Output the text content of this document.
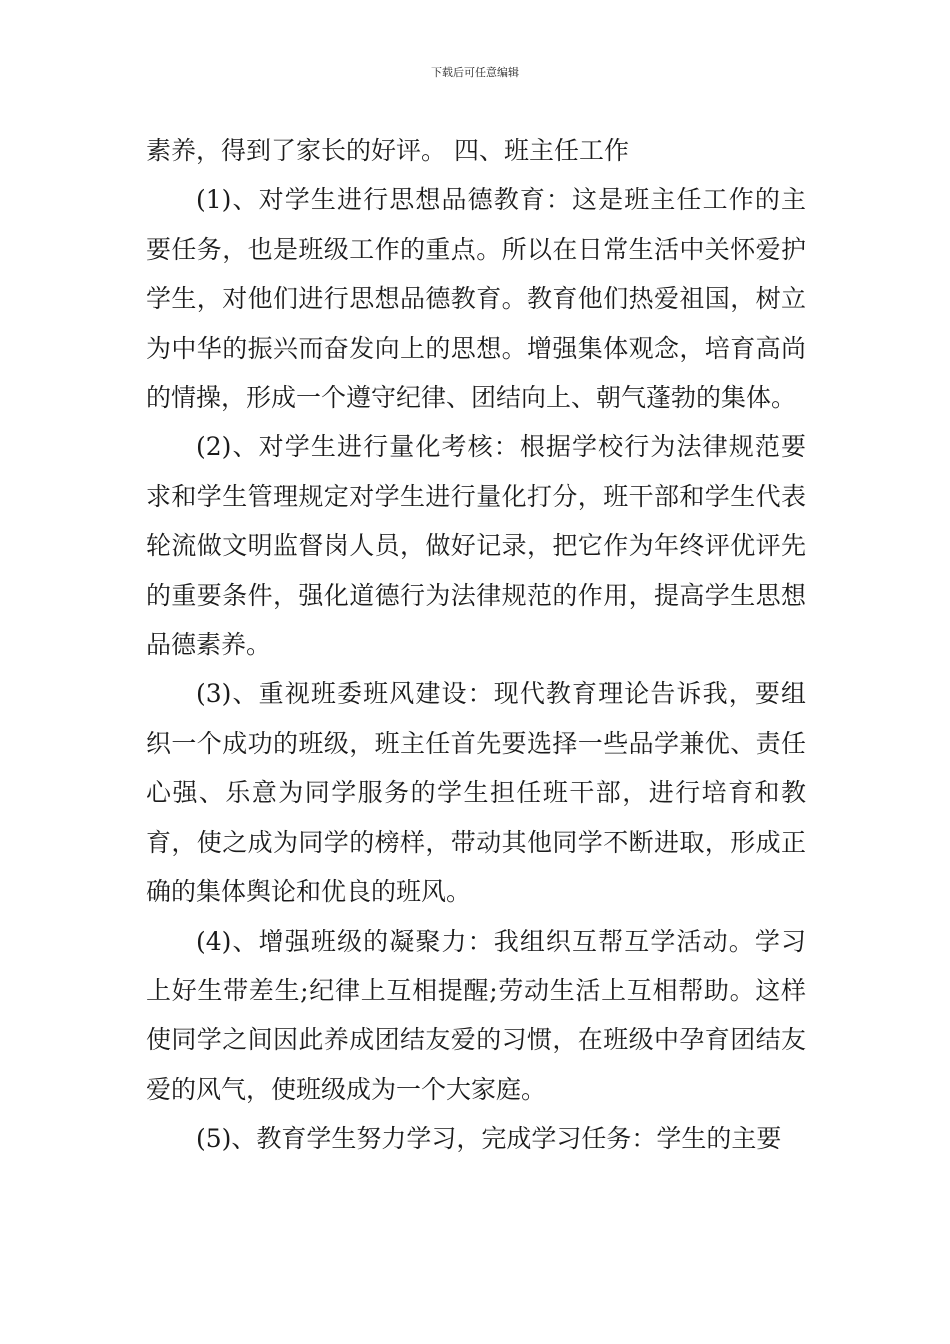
下载后可任意编辑

素养，得到了家长的好评。 四、班主任工作

(1)、对学生进行思想品德教育：这是班主任工作的主要任务，也是班级工作的重点。所以在日常生活中关怀爱护学生，对他们进行思想品德教育。教育他们热爱祖国，树立为中华的振兴而奋发向上的思想。增强集体观念，培育高尚的情操，形成一个遵守纪律、团结向上、朝气蓬勃的集体。

(2)、对学生进行量化考核：根据学校行为法律规范要求和学生管理规定对学生进行量化打分，班干部和学生代表轮流做文明监督岗人员，做好记录，把它作为年终评优评先的重要条件，强化道德行为法律规范的作用，提高学生思想品德素养。

(3)、重视班委班风建设：现代教育理论告诉我，要组织一个成功的班级，班主任首先要选择一些品学兼优、责任心强、乐意为同学服务的学生担任班干部，进行培育和教育，使之成为同学的榜样，带动其他同学不断进取，形成正确的集体舆论和优良的班风。

(4)、增强班级的凝聚力：我组织互帮互学活动。学习上好生带差生;纪律上互相提醒;劳动生活上互相帮助。这样使同学之间因此养成团结友爱的习惯，在班级中孕育团结友爱的风气，使班级成为一个大家庭。

(5)、教育学生努力学习，完成学习任务：学生的主要
